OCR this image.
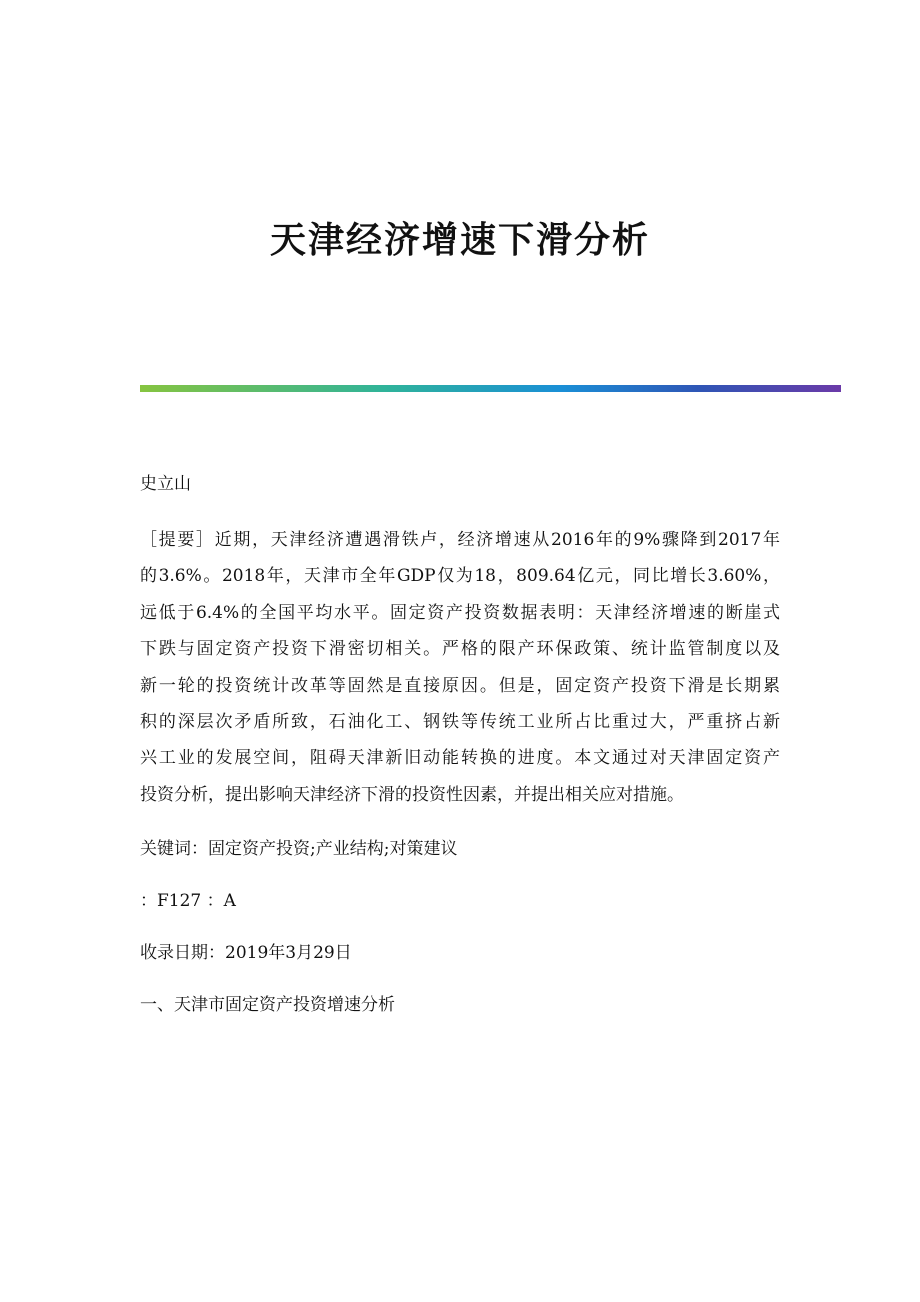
天津经济增速下滑分析
史立山
［提要］近期，天津经济遭遇滑铁卢，经济增速从2016年的9%骤降到2017年
的3.6%。2018年，天津市全年GDP仅为18，809.64亿元，同比增长3.60%，
远低于6.4%的全国平均水平。固定资产投资数据表明：天津经济增速的断崖式
下跌与固定资产投资下滑密切相关。严格的限产环保政策、统计监管制度以及
新一轮的投资统计改革等固然是直接原因。但是，固定资产投资下滑是长期累
积的深层次矛盾所致，石油化工、钢铁等传统工业所占比重过大，严重挤占新
兴工业的发展空间，阻碍天津新旧动能转换的进度。本文通过对天津固定资产
投资分析，提出影响天津经济下滑的投资性因素，并提出相关应对措施。
关键词：固定资产投资;产业结构;对策建议
：F127 ：A
收录日期：2019年3月29日
一、天津市固定资产投资增速分析
